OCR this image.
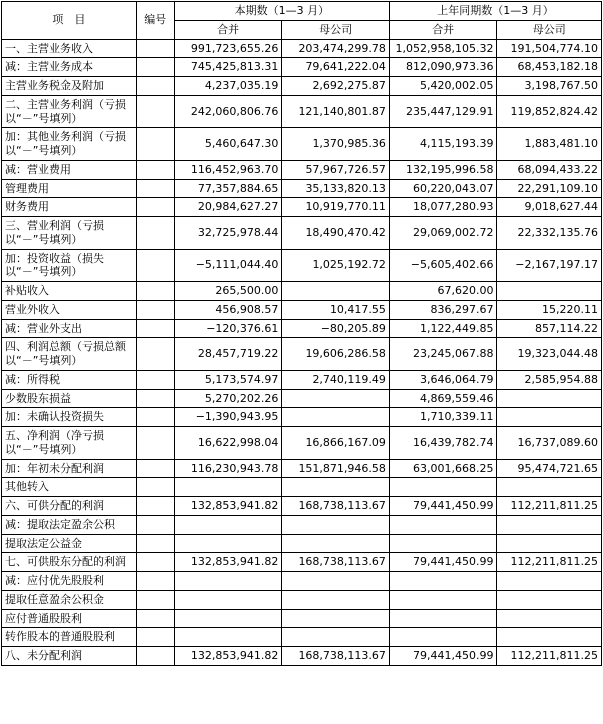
项　目	编号	本期数（1—3 月）		上年同期数（1—3 月）	
		合并	母公司	合并	母公司
一、主营业务收入		991,723,655.26	203,474,299.78	1,052,958,105.32	191,504,774.10
减：主营业务成本		745,425,813.31	79,641,222.04	812,090,973.36	68,453,182.18
主营业务税金及附加		4,237,035.19	2,692,275.87	5,420,002.05	3,198,767.50
二、主营业务利润（亏损以“－”号填列）		242,060,806.76	121,140,801.87	235,447,129.91	119,852,824.42
加：其他业务利润（亏损以“－”号填列）		5,460,647.30	1,370,985.36	4,115,193.39	1,883,481.10
减：营业费用		116,452,963.70	57,967,726.57	132,195,996.58	68,094,433.22
管理费用		77,357,884.65	35,133,820.13	60,220,043.07	22,291,109.10
财务费用		20,984,627.27	10,919,770.11	18,077,280.93	9,018,627.44
三、营业利润（亏损以“－”号填列）		32,725,978.44	18,490,470.42	29,069,002.72	22,332,135.76
加：投资收益（损失以“－”号填列）		−5,111,044.40	1,025,192.72	−5,605,402.66	−2,167,197.17
补贴收入		265,500.00		67,620.00	
营业外收入		456,908.57	10,417.55	836,297.67	15,220.11
减：营业外支出		−120,376.61	−80,205.89	1,122,449.85	857,114.22
四、利润总额（亏损总额以“－”号填列）		28,457,719.22	19,606,286.58	23,245,067.88	19,323,044.48
减：所得税		5,173,574.97	2,740,119.49	3,646,064.79	2,585,954.88
少数股东损益		5,270,202.26		4,869,559.46	
加：未确认投资损失		−1,390,943.95		1,710,339.11	
五、净利润（净亏损以“－”号填列）		16,622,998.04	16,866,167.09	16,439,782.74	16,737,089.60
加：年初未分配利润		116,230,943.78	151,871,946.58	63,001,668.25	95,474,721.65
其他转入					
六、可供分配的利润		132,853,941.82	168,738,113.67	79,441,450.99	112,211,811.25
减：提取法定盈余公积					
提取法定公益金					
七、可供股东分配的利润		132,853,941.82	168,738,113.67	79,441,450.99	112,211,811.25
减：应付优先股股利					
提取任意盈余公积金					
应付普通股股利					
转作股本的普通股股利					
八、未分配利润		132,853,941.82	168,738,113.67	79,441,450.99	112,211,811.25
